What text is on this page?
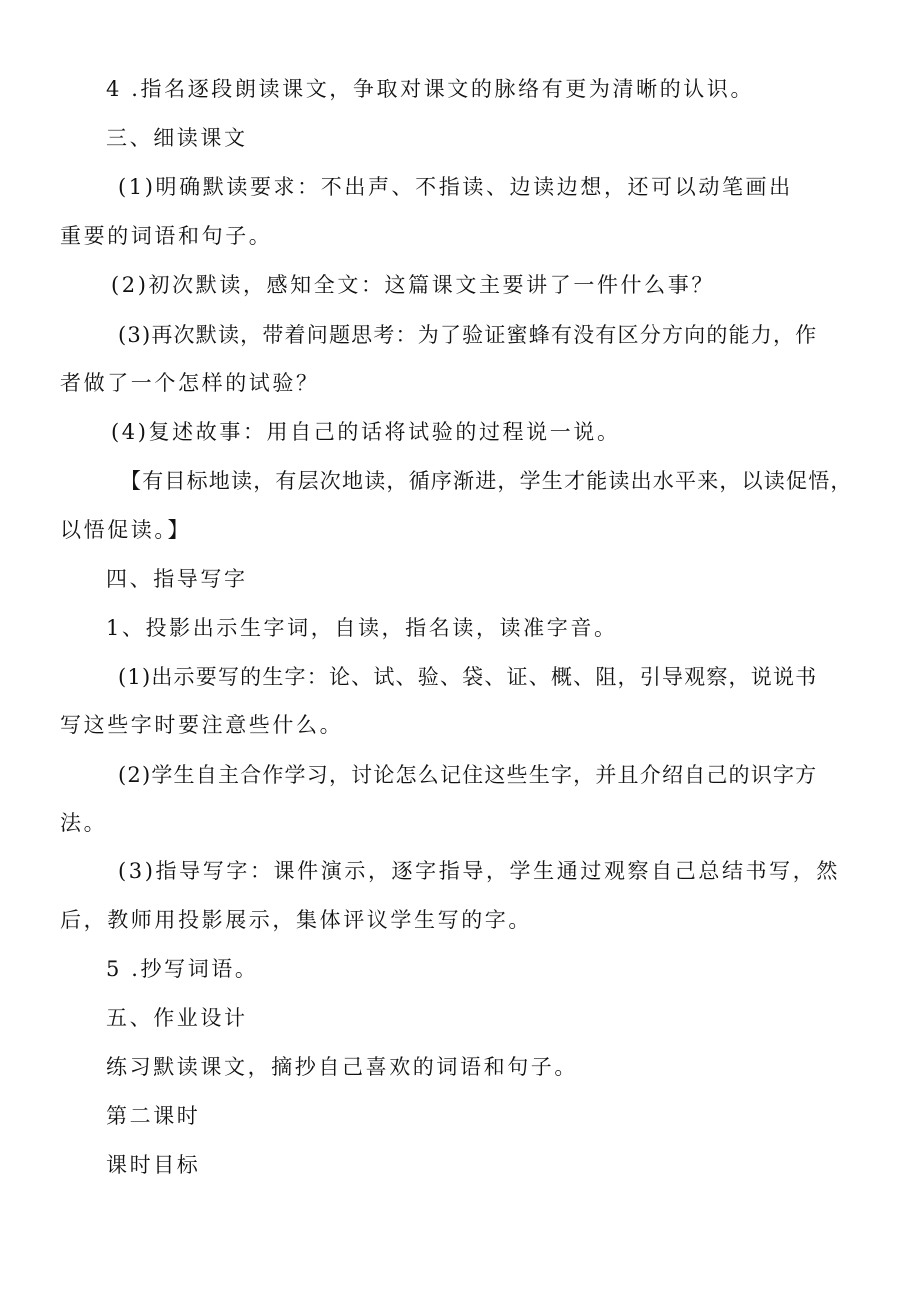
4 .指名逐段朗读课文，争取对课文的脉络有更为清晰的认识。
三、细读课文
(1)明确默读要求：不出声、不指读、边读边想，还可以动笔画出
重要的词语和句子。
(2)初次默读，感知全文：这篇课文主要讲了一件什么事？
(3)再次默读，带着问题思考：为了验证蜜蜂有没有区分方向的能力，作
者做了一个怎样的试验？
(4)复述故事：用自己的话将试验的过程说一说。
【有目标地读，有层次地读，循序渐进，学生才能读出水平来，以读促悟，
以悟促读。】
四、指导写字
1、投影出示生字词，自读，指名读，读准字音。
(1)出示要写的生字：论、试、验、袋、证、概、阻，引导观察，说说书
写这些字时要注意些什么。
(2)学生自主合作学习，讨论怎么记住这些生字，并且介绍自己的识字方
法。
(3)指导写字：课件演示，逐字指导，学生通过观察自己总结书写，然
后，教师用投影展示，集体评议学生写的字。
5 .抄写词语。
五、作业设计
练习默读课文，摘抄自己喜欢的词语和句子。
第二课时
课时目标
